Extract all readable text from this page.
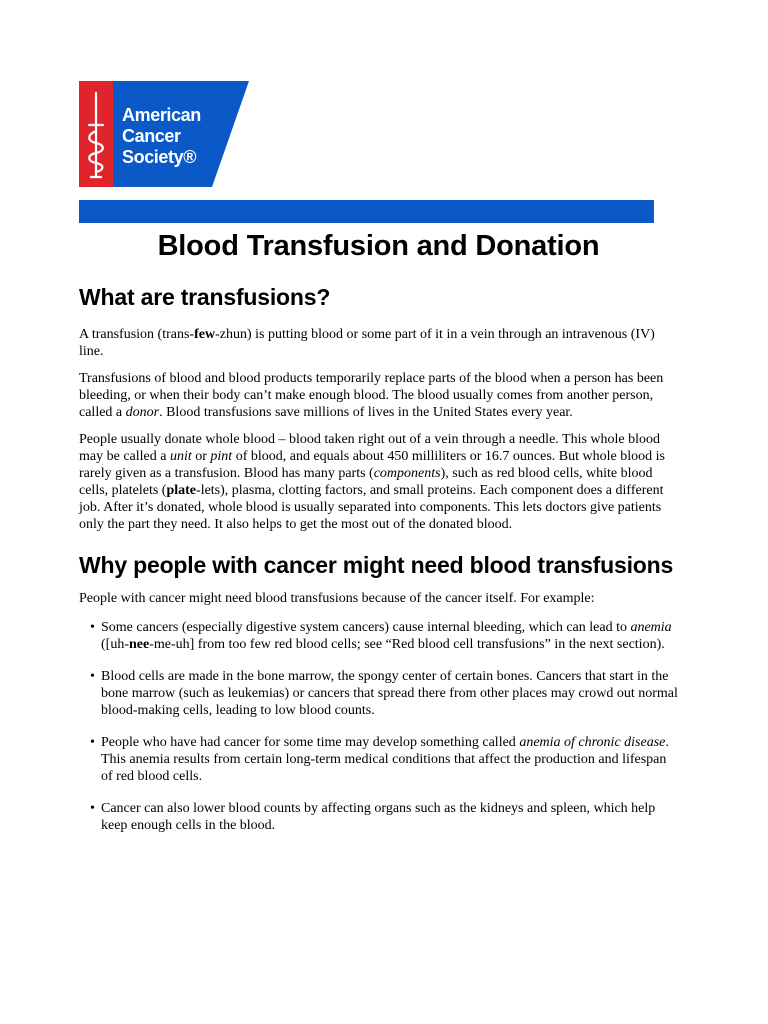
American
Cancer
Society®
Blood Transfusion and Donation
What are transfusions?

A transfusion (trans-few-zhun) is putting blood or some part of it in a vein through an intravenous (IV) line.

Transfusions of blood and blood products temporarily replace parts of the blood when a person has been bleeding, or when their body can’t make enough blood. The blood usually comes from another person, called a donor. Blood transfusions save millions of lives in the United States every year.

People usually donate whole blood – blood taken right out of a vein through a needle. This whole blood may be called a unit or pint of blood, and equals about 450 milliliters or 16.7 ounces. But whole blood is rarely given as a transfusion. Blood has many parts (components), such as red blood cells, white blood cells, platelets (plate-lets), plasma, clotting factors, and small proteins. Each component does a different job. After it’s donated, whole blood is usually separated into components. This lets doctors give patients only the part they need. It also helps to get the most out of the donated blood.

Why people with cancer might need blood transfusions

People with cancer might need blood transfusions because of the cancer itself. For example:

• Some cancers (especially digestive system cancers) cause internal bleeding, which can lead to anemia ([uh-nee-me-uh] from too few red blood cells; see “Red blood cell transfusions” in the next section).
• Blood cells are made in the bone marrow, the spongy center of certain bones. Cancers that start in the bone marrow (such as leukemias) or cancers that spread there from other places may crowd out normal blood-making cells, leading to low blood counts.
• People who have had cancer for some time may develop something called anemia of chronic disease. This anemia results from certain long-term medical conditions that affect the production and lifespan of red blood cells.
• Cancer can also lower blood counts by affecting organs such as the kidneys and spleen, which help keep enough cells in the blood.
